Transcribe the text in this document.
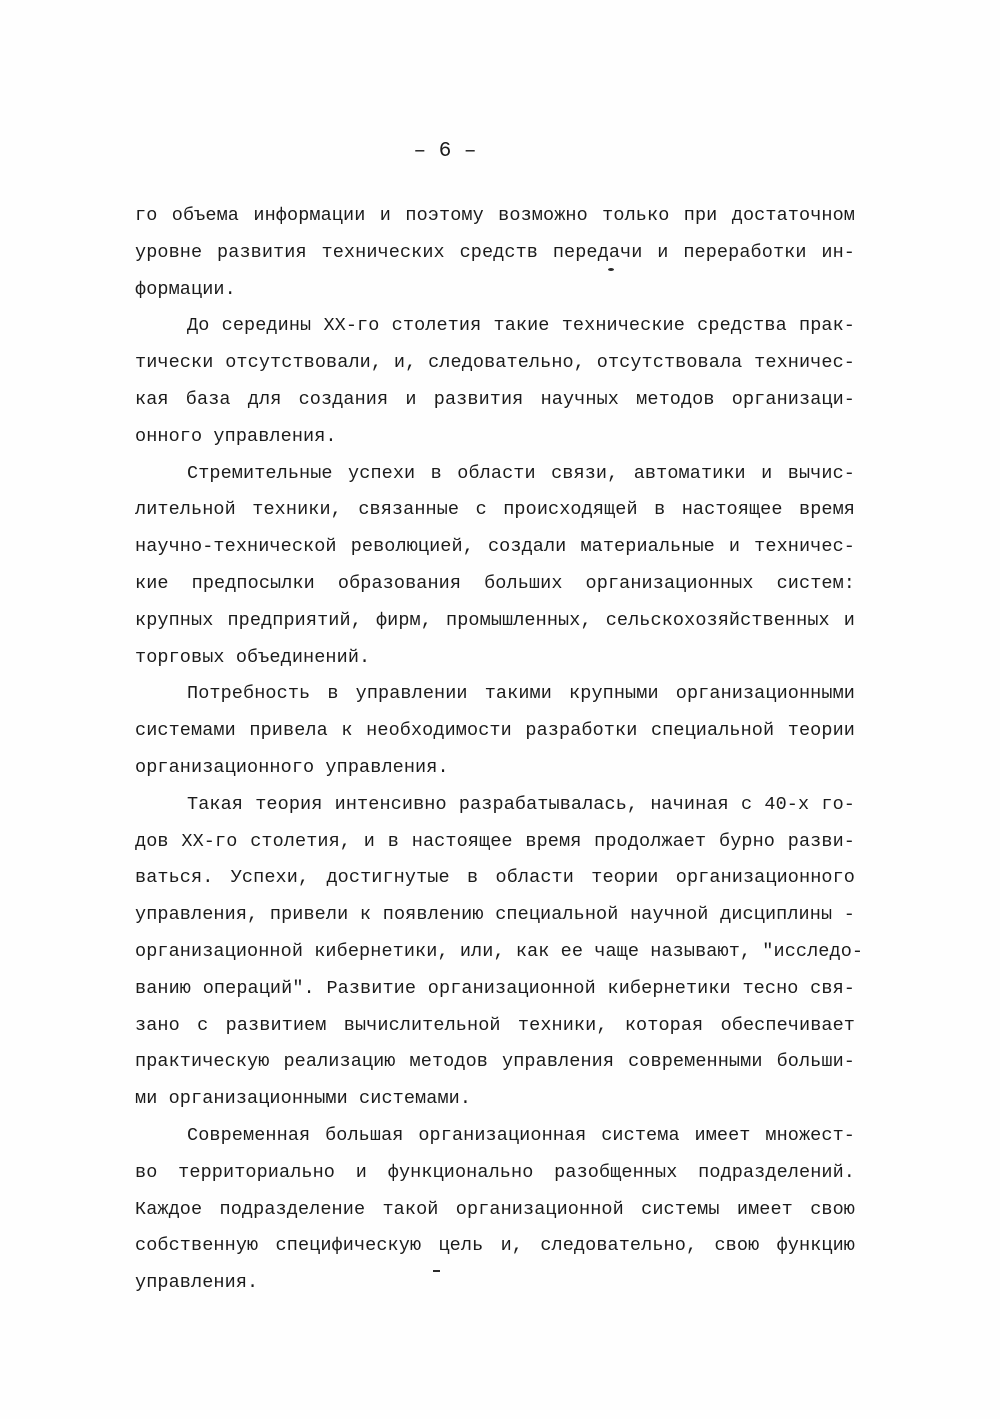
– 6 –
го объема информации и поэтому возможно только при достаточном
уровне развития технических средств передачи и переработки ин-
формации.
До середины XX-го столетия такие технические средства прак-
тически отсутствовали, и, следовательно, отсутствовала техничес-
кая база для создания и развития научных методов организаци-
онного управления.
Стремительные успехи в области связи, автоматики и вычис-
лительной техники, связанные с происходящей в настоящее время
научно-технической революцией, создали материальные и техничес-
кие предпосылки образования больших организационных систем:
крупных предприятий, фирм, промышленных, сельскохозяйственных и
торговых объединений.
Потребность в управлении такими крупными организационными
системами привела к необходимости разработки специальной теории
организационного управления.
Такая теория интенсивно разрабатывалась, начиная с 40-х го-
дов XX-го столетия, и в настоящее время продолжает бурно разви-
ваться. Успехи, достигнутые в области теории организационного
управления, привели к появлению специальной научной дисциплины -
организационной кибернетики, или, как ее чаще называют, "исследо-
ванию операций". Развитие организационной кибернетики тесно свя-
зано с развитием вычислительной техники, которая обеспечивает
практическую реализацию методов управления современными больши-
ми организационными системами.
Современная большая организационная система имеет множест-
во территориально и функционально разобщенных подразделений.
Каждое подразделение такой организационной системы имеет свою
собственную специфическую цель и, следовательно, свою функцию
управления.
